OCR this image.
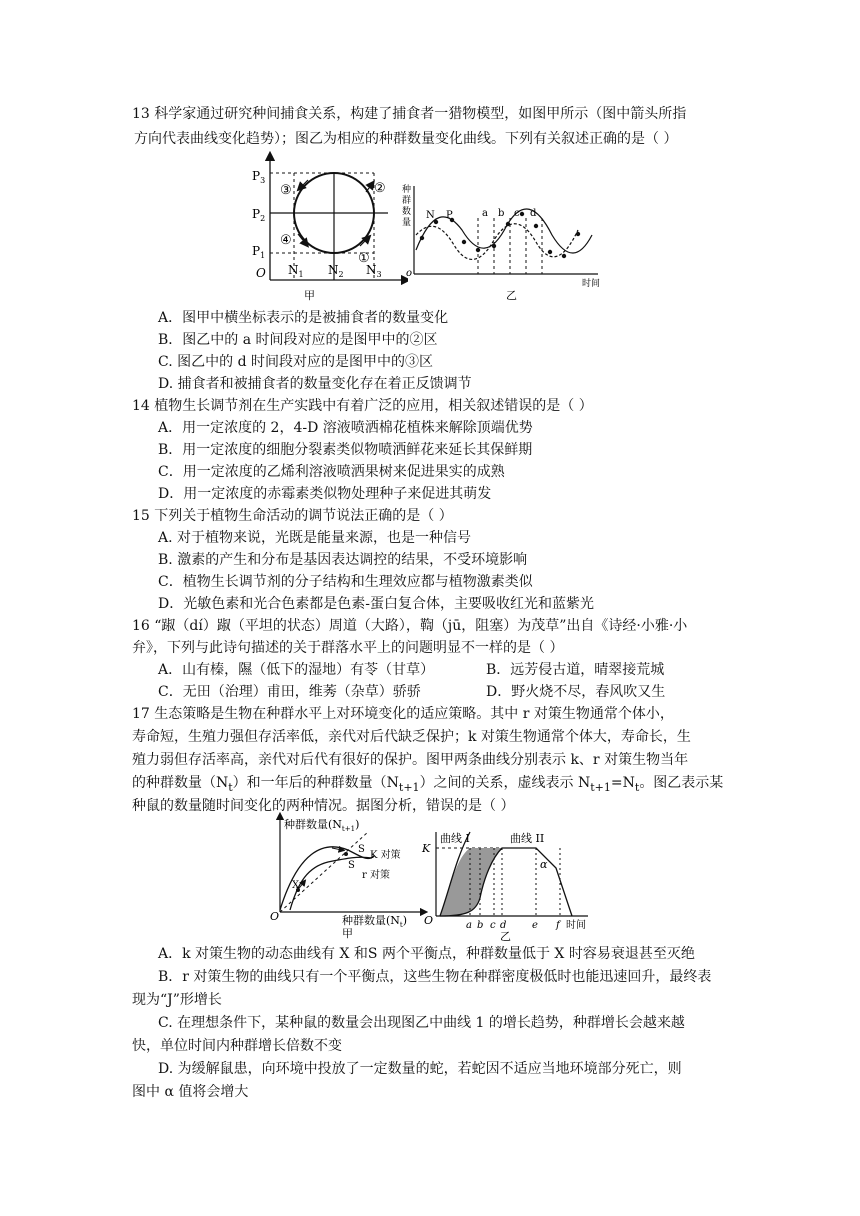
13 科学家通过研究种间捕食关系，构建了捕食者一猎物模型，如图甲所示（图中箭头所指
方向代表曲线变化趋势）；图乙为相应的种群数量变化曲线。下列有关叙述正确的是（ ）
$P_3$
$P_2$
$P_1$
O $N_1$ $N_2$ $N_3$
③	②
④
①
甲
种
群
数
量
N P	a b c d
o
时间
乙
A．图甲中横坐标表示的是被捕食者的数量变化
B．图乙中的 a 时间段对应的是图甲中的②区
C. 图乙中的 d 时间段对应的是图甲中的③区
D. 捕食者和被捕食者的数量变化存在着正反馈调节
14 植物生长调节剂在生产实践中有着广泛的应用，相关叙述错误的是（ ）
A．用一定浓度的 2，4-D 溶液喷洒棉花植株来解除顶端优势
B．用一定浓度的细胞分裂素类似物喷洒鲜花来延长其保鲜期
C．用一定浓度的乙烯利溶液喷洒果树来促进果实的成熟
D．用一定浓度的赤霉素类似物处理种子来促进其萌发
15 下列关于植物生命活动的调节说法正确的是（ ）
A. 对于植物来说，光既是能量来源，也是一种信号
B. 激素的产生和分布是基因表达调控的结果，不受环境影响
C．植物生长调节剂的分子结构和生理效应都与植物激素类似
D．光敏色素和光合色素都是色素-蛋白复合体，主要吸收红光和蓝紫光
16 “踧（dí）踧（平坦的状态）周道（大路），鞫（jū，阻塞）为茂草”出自《诗经·小雅·小
弁》，下列与此诗句描述的关于群落水平上的问题明显不一样的是（ ）
A．山有榛，隰（低下的湿地）有苓（甘草）	B．远芳侵古道，晴翠接荒城
C．无田（治理）甫田，维莠（杂草）骄骄	D．野火烧不尽，春风吹又生
17 生态策略是生物在种群水平上对环境变化的适应策略。其中 r 对策生物通常个体小，
寿命短，生殖力强但存活率低，亲代对后代缺乏保护；k 对策生物通常个体大，寿命长，生
殖力弱但存活率高，亲代对后代有很好的保护。图甲两条曲线分别表示 k、r 对策生物当年
的种群数量$(N_t)$和一年后的种群数量$(N_{t+1})$之间的关系，虚线表示 $N_{t+1}=N_t$。图乙表示某
种鼠的数量随时间变化的两种情况。据图分析，错误的是（ ）
种群数量$(N_{t+1})$
O	种群数量$(N_t)$
S
S
X
K 对策
r 对策
甲
K
曲线 I	曲线 II
α
O	a b c d	e f 时间
乙
A．k 对策生物的动态曲线有 X 和S 两个平衡点，种群数量低于 X 时容易衰退甚至灭绝
B．r 对策生物的曲线只有一个平衡点，这些生物在种群密度极低时也能迅速回升，最终表
现为“J”形增长
C. 在理想条件下，某种鼠的数量会出现图乙中曲线 1 的增长趋势，种群增长会越来越
快，单位时间内种群增长倍数不变
D. 为缓解鼠患，向环境中投放了一定数量的蛇，若蛇因不适应当地环境部分死亡，则
图中 α 值将会增大
